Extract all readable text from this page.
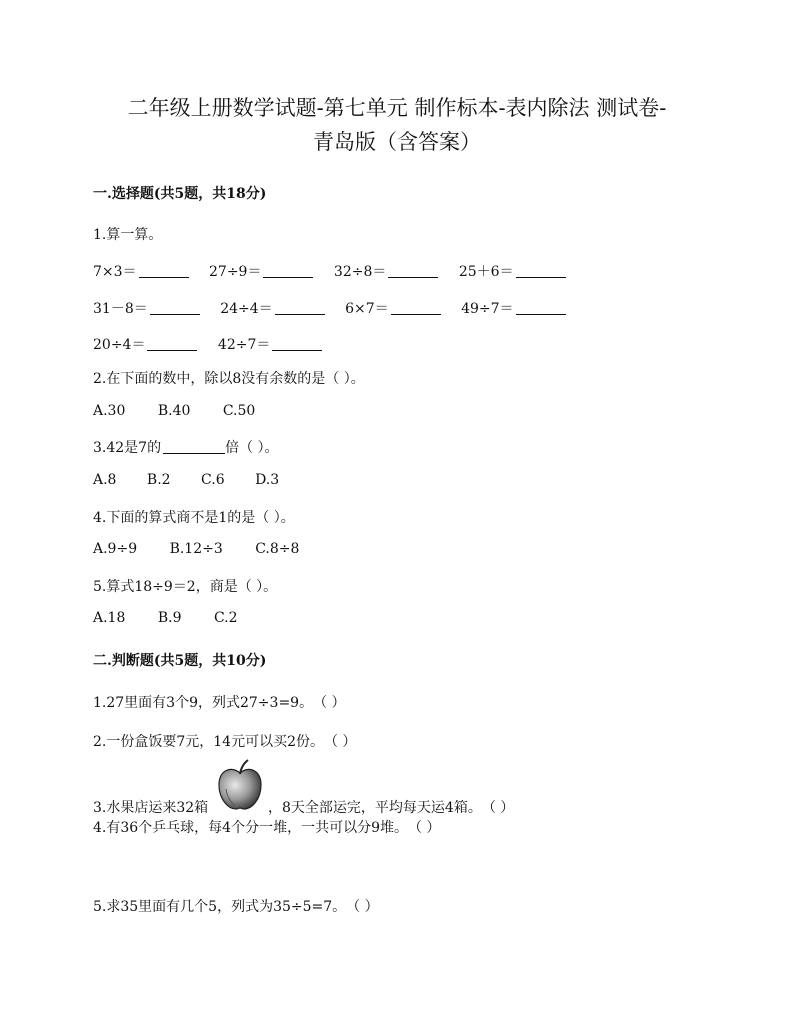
二年级上册数学试题-第七单元 制作标本-表内除法 测试卷-
青岛版（含答案）
一.选择题(共5题，共18分)
1.算一算。
7×3＝	27÷9＝	32÷8＝	25＋6＝
31－8＝	24÷4＝	6×7＝	49÷7＝
20÷4＝	42÷7＝
2.在下面的数中，除以8没有余数的是（ ）。
A.30 B.40 C.50
3.42是7的	倍（ ）。
A.8 B.2 C.6 D.3
4.下面的算式商不是1的是（ ）。
A.9÷9 B.12÷3 C.8÷8
5.算式18÷9＝2，商是（ ）。
A.18 B.9 C.2
二.判断题(共5题，共10分)
1.27里面有3个9，列式27÷3=9。　（ ）
2.一份盒饭要7元，14元可以买2份。　（ ）
3.水果店运来32箱	，8天全部运完，平均每天运4箱。　（ ）
4.有36个乒乓球，每4个分一堆，一共可以分9堆。　（ ）
5.求35里面有几个5，列式为35÷5=7。　（ ）
